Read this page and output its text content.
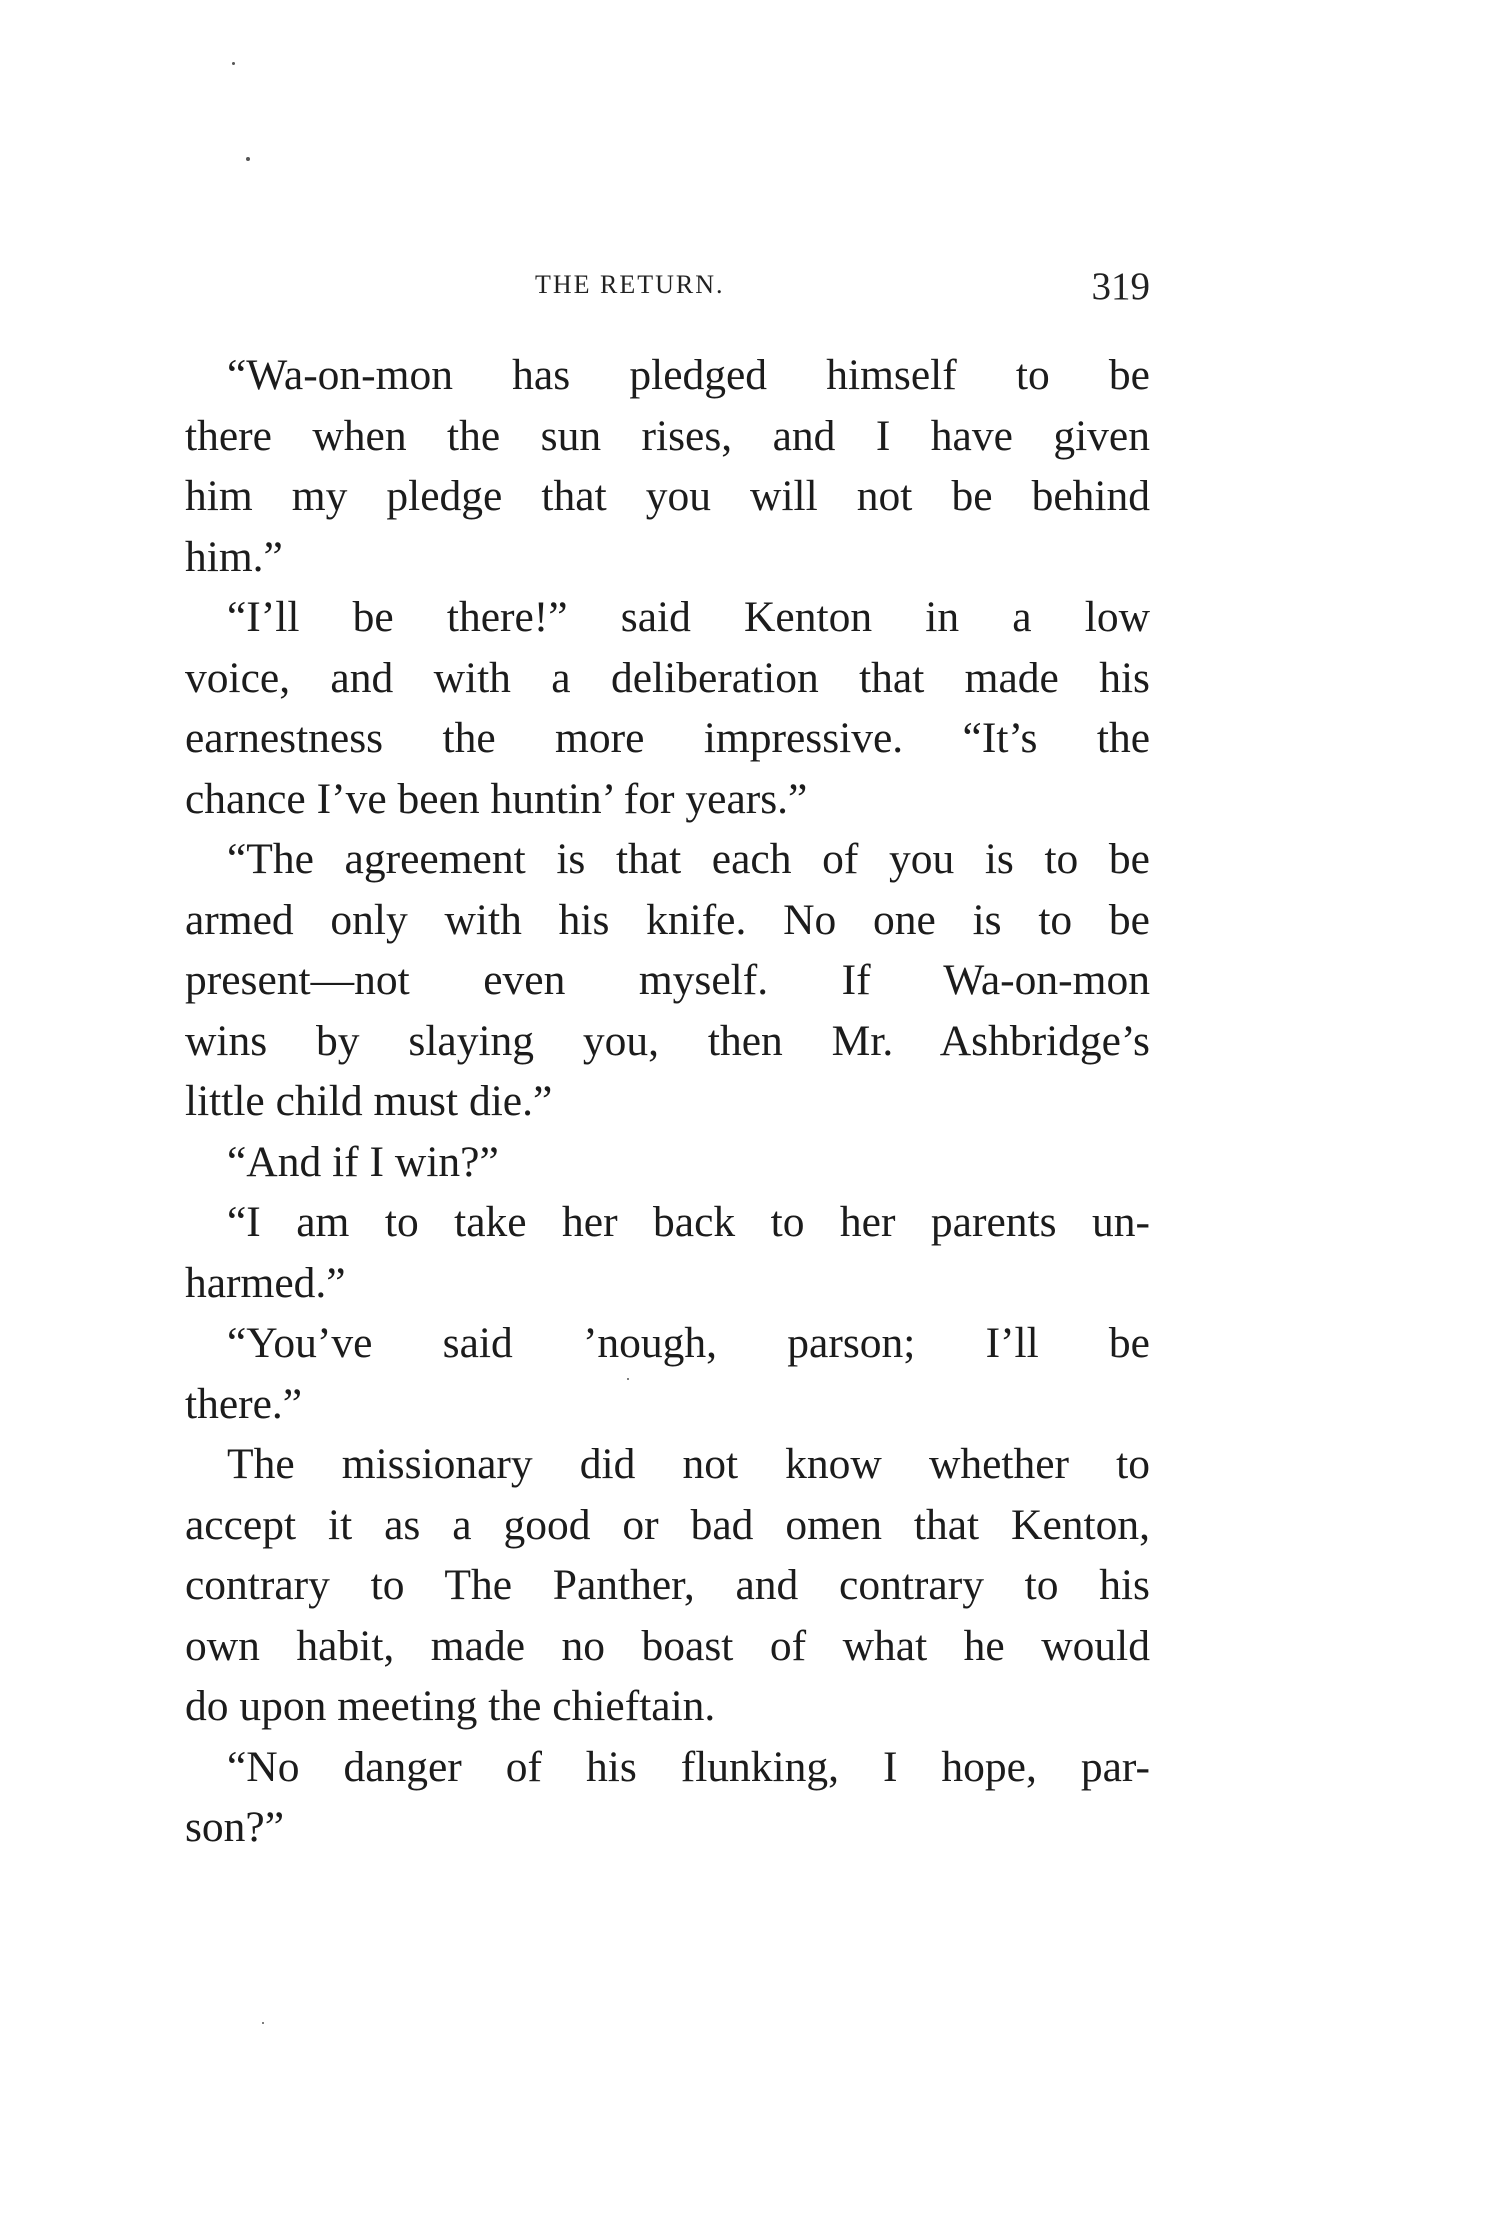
THE RETURN.	319
“Wa-on-mon has pledged himself to be
there when the sun rises, and I have given
him my pledge that you will not be behind
him.”
“I’ll be there!” said Kenton in a low
voice, and with a deliberation that made his
earnestness the more impressive. “It’s the
chance I’ve been huntin’ for years.”
“The agreement is that each of you is to be
armed only with his knife. No one is to be
present—not even myself. If Wa-on-mon
wins by slaying you, then Mr. Ashbridge’s
little child must die.”
“And if I win?”
“I am to take her back to her parents un-
harmed.”
“You’ve said ’nough, parson; I’ll be
there.”
The missionary did not know whether to
accept it as a good or bad omen that Kenton,
contrary to The Panther, and contrary to his
own habit, made no boast of what he would
do upon meeting the chieftain.
“No danger of his flunking, I hope, par-
son?”
